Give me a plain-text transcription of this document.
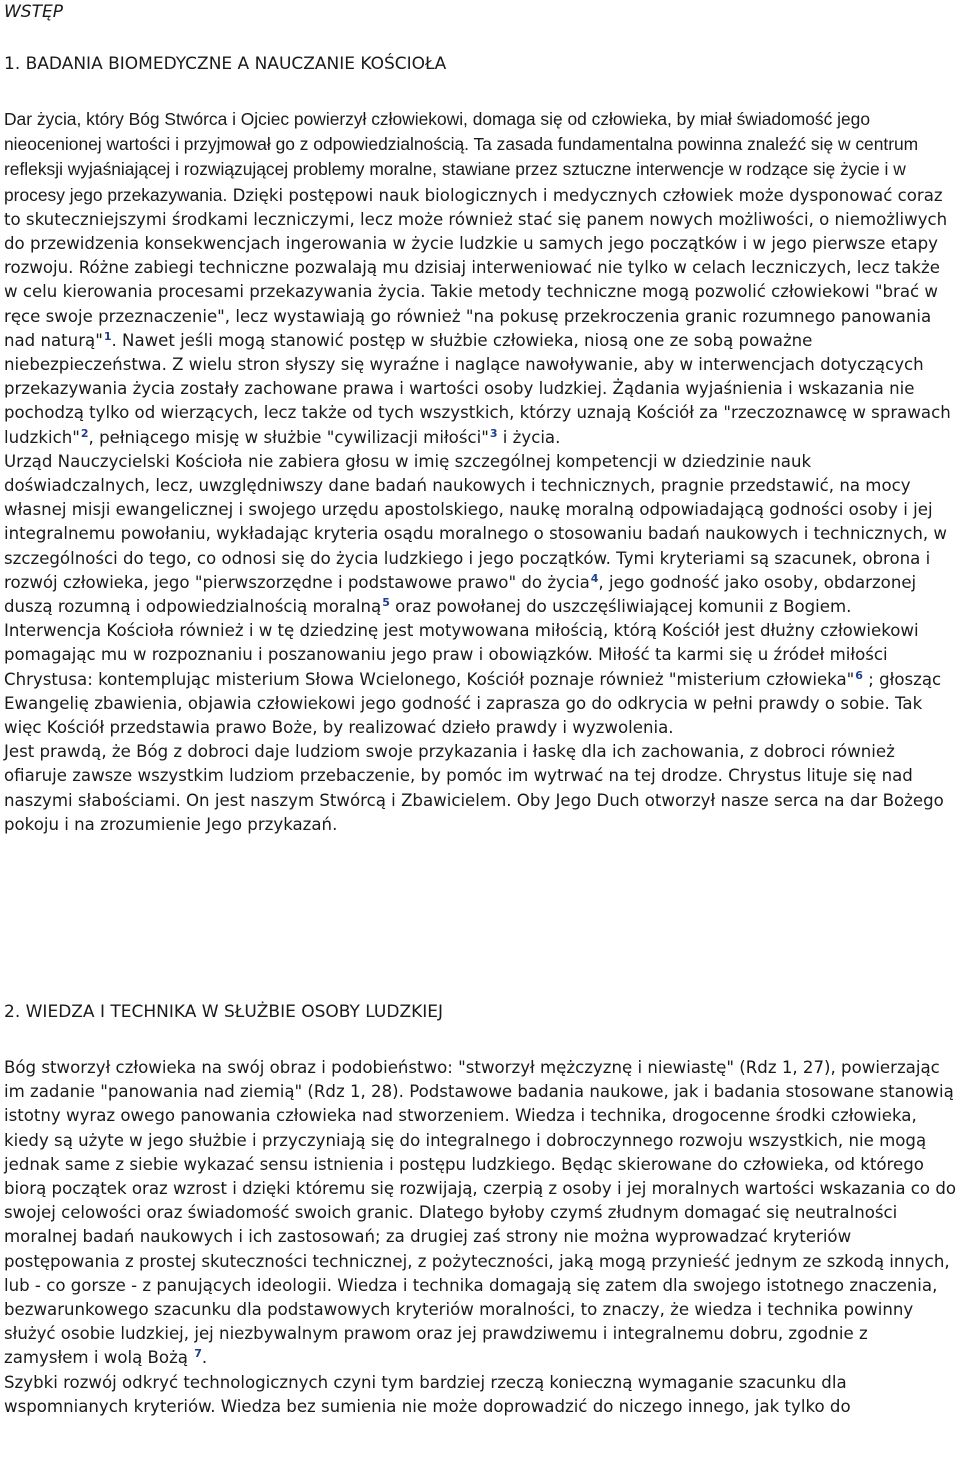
WSTĘP
1. BADANIA BIOMEDYCZNE A NAUCZANIE KOŚCIOŁA

Dar życia, który Bóg Stwórca i Ojciec powierzył człowiekowi, domaga się od człowieka, by miał świadomość jego nieocenionej wartości i przyjmował go z odpowiedzialnością. Ta zasada fundamentalna powinna znaleźć się w centrum refleksji wyjaśniającej i rozwiązującej problemy moralne, stawiane przez sztuczne interwencje w rodzące się życie i w procesy jego przekazywania. Dzięki postępowi nauk biologicznych i medycznych człowiek może dysponować coraz to skuteczniejszymi środkami leczniczymi, lecz może również stać się panem nowych możliwości, o niemożliwych do przewidzenia konsekwencjach ingerowania w życie ludzkie u samych jego początków i w jego pierwsze etapy rozwoju. Różne zabiegi techniczne pozwalają mu dzisiaj interweniować nie tylko w celach leczniczych, lecz także w celu kierowania procesami przekazywania życia. Takie metody techniczne mogą pozwolić człowiekowi "brać w ręce swoje przeznaczenie", lecz wystawiają go również "na pokusę przekroczenia granic rozumnego panowania nad naturą"$^1$. Nawet jeśli mogą stanowić postęp w służbie człowieka, niosą one ze sobą poważne niebezpieczeństwa. Z wielu stron słyszy się wyraźne i naglące nawoływanie, aby w interwencjach dotyczących przekazywania życia zostały zachowane prawa i wartości osoby ludzkiej. Żądania wyjaśnienia i wskazania nie pochodzą tylko od wierzących, lecz także od tych wszystkich, którzy uznają Kościół za "rzeczoznawcę w sprawach ludzkich"$^2$, pełniącego misję w służbie "cywilizacji miłości"$^3$ i życia.

Urząd Nauczycielski Kościoła nie zabiera głosu w imię szczególnej kompetencji w dziedzinie nauk doświadczalnych, lecz, uwzględniwszy dane badań naukowych i technicznych, pragnie przedstawić, na mocy własnej misji ewangelicznej i swojego urzędu apostolskiego, naukę moralną odpowiadającą godności osoby i jej integralnemu powołaniu, wykładając kryteria osądu moralnego o stosowaniu badań naukowych i technicznych, w szczególności do tego, co odnosi się do życia ludzkiego i jego początków. Tymi kryteriami są szacunek, obrona i rozwój człowieka, jego "pierwszorzędne i podstawowe prawo" do życia$^4$, jego godność jako osoby, obdarzonej duszą rozumną i odpowiedzialnością moralną$^5$ oraz powołanej do uszczęśliwiającej komunii z Bogiem.

Interwencja Kościoła również i w tę dziedzinę jest motywowana miłością, którą Kościół jest dłużny człowiekowi pomagając mu w rozpoznaniu i poszanowaniu jego praw i obowiązków. Miłość ta karmi się u źródeł miłości Chrystusa: kontemplując misterium Słowa Wcielonego, Kościół poznaje również "misterium człowieka"$^6$ ; głosząc Ewangelię zbawienia, objawia człowiekowi jego godność i zaprasza go do odkrycia w pełni prawdy o sobie. Tak więc Kościół przedstawia prawo Boże, by realizować dzieło prawdy i wyzwolenia.

Jest prawdą, że Bóg z dobroci daje ludziom swoje przykazania i łaskę dla ich zachowania, z dobroci również ofiaruje zawsze wszystkim ludziom przebaczenie, by pomóc im wytrwać na tej drodze. Chrystus lituje się nad naszymi słabościami. On jest naszym Stwórcą i Zbawicielem. Oby Jego Duch otworzył nasze serca na dar Bożego pokoju i na zrozumienie Jego przykazań.

2. WIEDZA I TECHNIKA W SŁUŻBIE OSOBY LUDZKIEJ

Bóg stworzył człowieka na swój obraz i podobieństwo: "stworzył mężczyznę i niewiastę" (Rdz 1, 27), powierzając im zadanie "panowania nad ziemią" (Rdz 1, 28). Podstawowe badania naukowe, jak i badania stosowane stanowią istotny wyraz owego panowania człowieka nad stworzeniem. Wiedza i technika, drogocenne środki człowieka, kiedy są użyte w jego służbie i przyczyniają się do integralnego i dobroczynnego rozwoju wszystkich, nie mogą jednak same z siebie wykazać sensu istnienia i postępu ludzkiego. Będąc skierowane do człowieka, od którego biorą początek oraz wzrost i dzięki któremu się rozwijają, czerpią z osoby i jej moralnych wartości wskazania co do swojej celowości oraz świadomość swoich granic. Dlatego byłoby czymś złudnym domagać się neutralności moralnej badań naukowych i ich zastosowań; za drugiej zaś strony nie można wyprowadzać kryteriów postępowania z prostej skuteczności technicznej, z pożyteczności, jaką mogą przynieść jednym ze szkodą innych, lub - co gorsze - z panujących ideologii. Wiedza i technika domagają się zatem dla swojego istotnego znaczenia, bezwarunkowego szacunku dla podstawowych kryteriów moralności, to znaczy, że wiedza i technika powinny służyć osobie ludzkiej, jej niezbywalnym prawom oraz jej prawdziwemu i integralnemu dobru, zgodnie z zamysłem i wolą Bożą $^7$.

Szybki rozwój odkryć technologicznych czyni tym bardziej rzeczą konieczną wymaganie szacunku dla wspomnianych kryteriów. Wiedza bez sumienia nie może doprowadzić do niczego innego, jak tylko do
